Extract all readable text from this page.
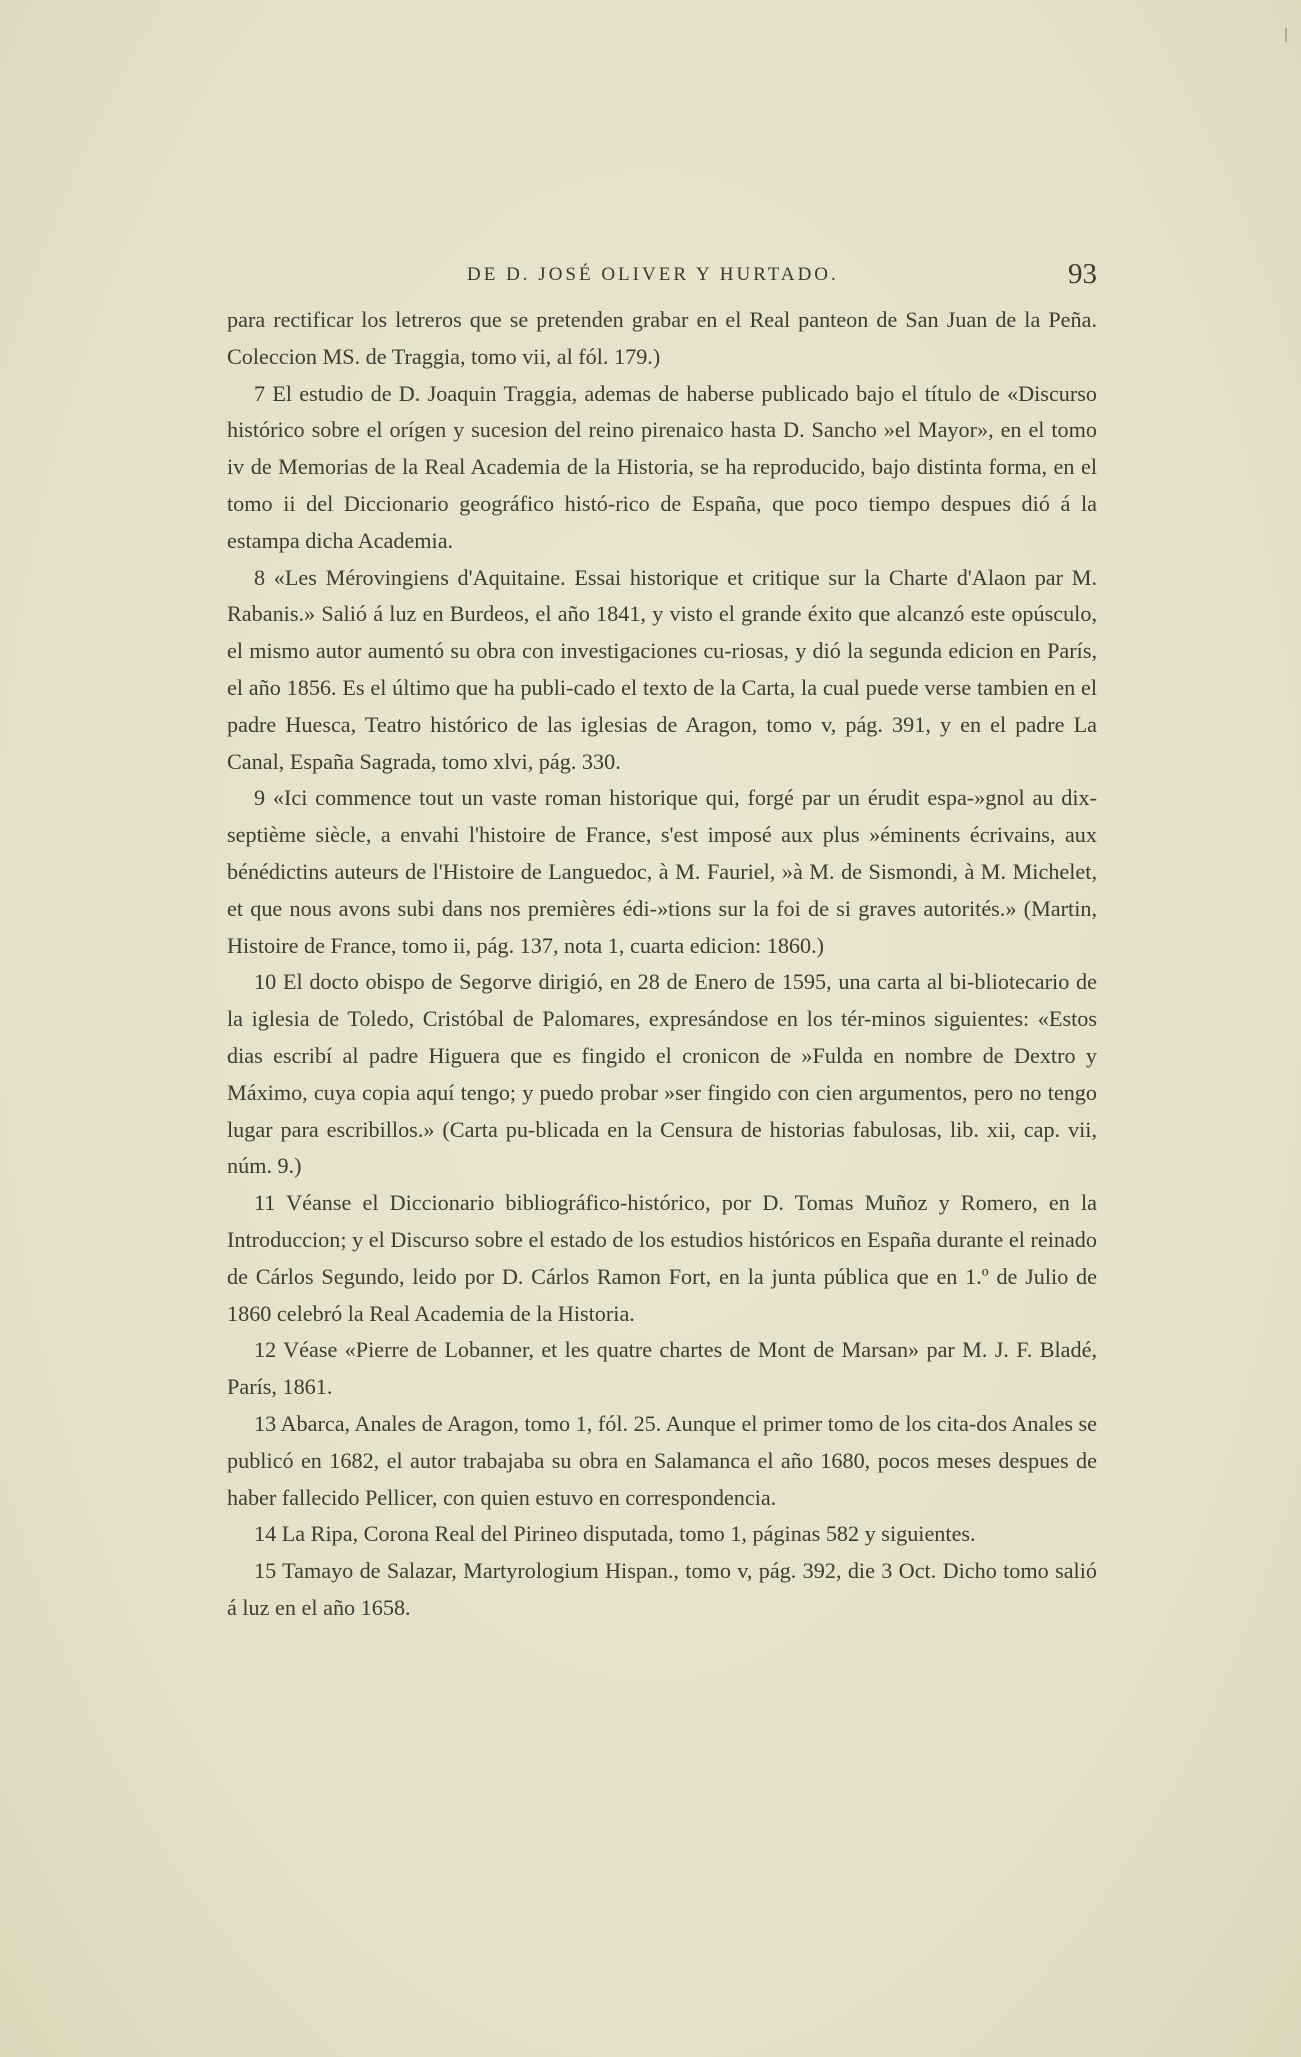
DE D. JOSÉ OLIVER Y HURTADO.	93

para rectificar los letreros que se pretenden grabar en el Real panteon de San Juan de la Peña. Coleccion MS. de Traggia, tomo vii, al fól. 179.)

7 El estudio de D. Joaquin Traggia, ademas de haberse publicado bajo el título de «Discurso histórico sobre el orígen y sucesion del reino pirenaico hasta D. Sancho »el Mayor», en el tomo iv de Memorias de la Real Academia de la Historia, se ha reproducido, bajo distinta forma, en el tomo ii del Diccionario geográfico histó-rico de España, que poco tiempo despues dió á la estampa dicha Academia.

8 «Les Mérovingiens d'Aquitaine. Essai historique et critique sur la Charte d'Alaon par M. Rabanis.» Salió á luz en Burdeos, el año 1841, y visto el grande éxito que alcanzó este opúsculo, el mismo autor aumentó su obra con investigaciones cu-riosas, y dió la segunda edicion en París, el año 1856. Es el último que ha publi-cado el texto de la Carta, la cual puede verse tambien en el padre Huesca, Teatro histórico de las iglesias de Aragon, tomo v, pág. 391, y en el padre La Canal, España Sagrada, tomo xlvi, pág. 330.

9 «Ici commence tout un vaste roman historique qui, forgé par un érudit espa-»gnol au dix-septième siècle, a envahi l'histoire de France, s'est imposé aux plus »éminents écrivains, aux bénédictins auteurs de l'Histoire de Languedoc, à M. Fauriel, »à M. de Sismondi, à M. Michelet, et que nous avons subi dans nos premières édi-»tions sur la foi de si graves autorités.» (Martin, Histoire de France, tomo ii, pág. 137, nota 1, cuarta edicion: 1860.)

10 El docto obispo de Segorve dirigió, en 28 de Enero de 1595, una carta al bi-bliotecario de la iglesia de Toledo, Cristóbal de Palomares, expresándose en los tér-minos siguientes: «Estos dias escribí al padre Higuera que es fingido el cronicon de »Fulda en nombre de Dextro y Máximo, cuya copia aquí tengo; y puedo probar »ser fingido con cien argumentos, pero no tengo lugar para escribillos.» (Carta pu-blicada en la Censura de historias fabulosas, lib. xii, cap. vii, núm. 9.)

11 Véanse el Diccionario bibliográfico-histórico, por D. Tomas Muñoz y Romero, en la Introduccion; y el Discurso sobre el estado de los estudios históricos en España durante el reinado de Cárlos Segundo, leido por D. Cárlos Ramon Fort, en la junta pública que en 1.º de Julio de 1860 celebró la Real Academia de la Historia.

12 Véase «Pierre de Lobanner, et les quatre chartes de Mont de Marsan» par M. J. F. Bladé, París, 1861.

13 Abarca, Anales de Aragon, tomo 1, fól. 25. Aunque el primer tomo de los cita-dos Anales se publicó en 1682, el autor trabajaba su obra en Salamanca el año 1680, pocos meses despues de haber fallecido Pellicer, con quien estuvo en correspondencia.

14 La Ripa, Corona Real del Pirineo disputada, tomo 1, páginas 582 y siguientes.

15 Tamayo de Salazar, Martyrologium Hispan., tomo v, pág. 392, die 3 Oct. Dicho tomo salió á luz en el año 1658.
